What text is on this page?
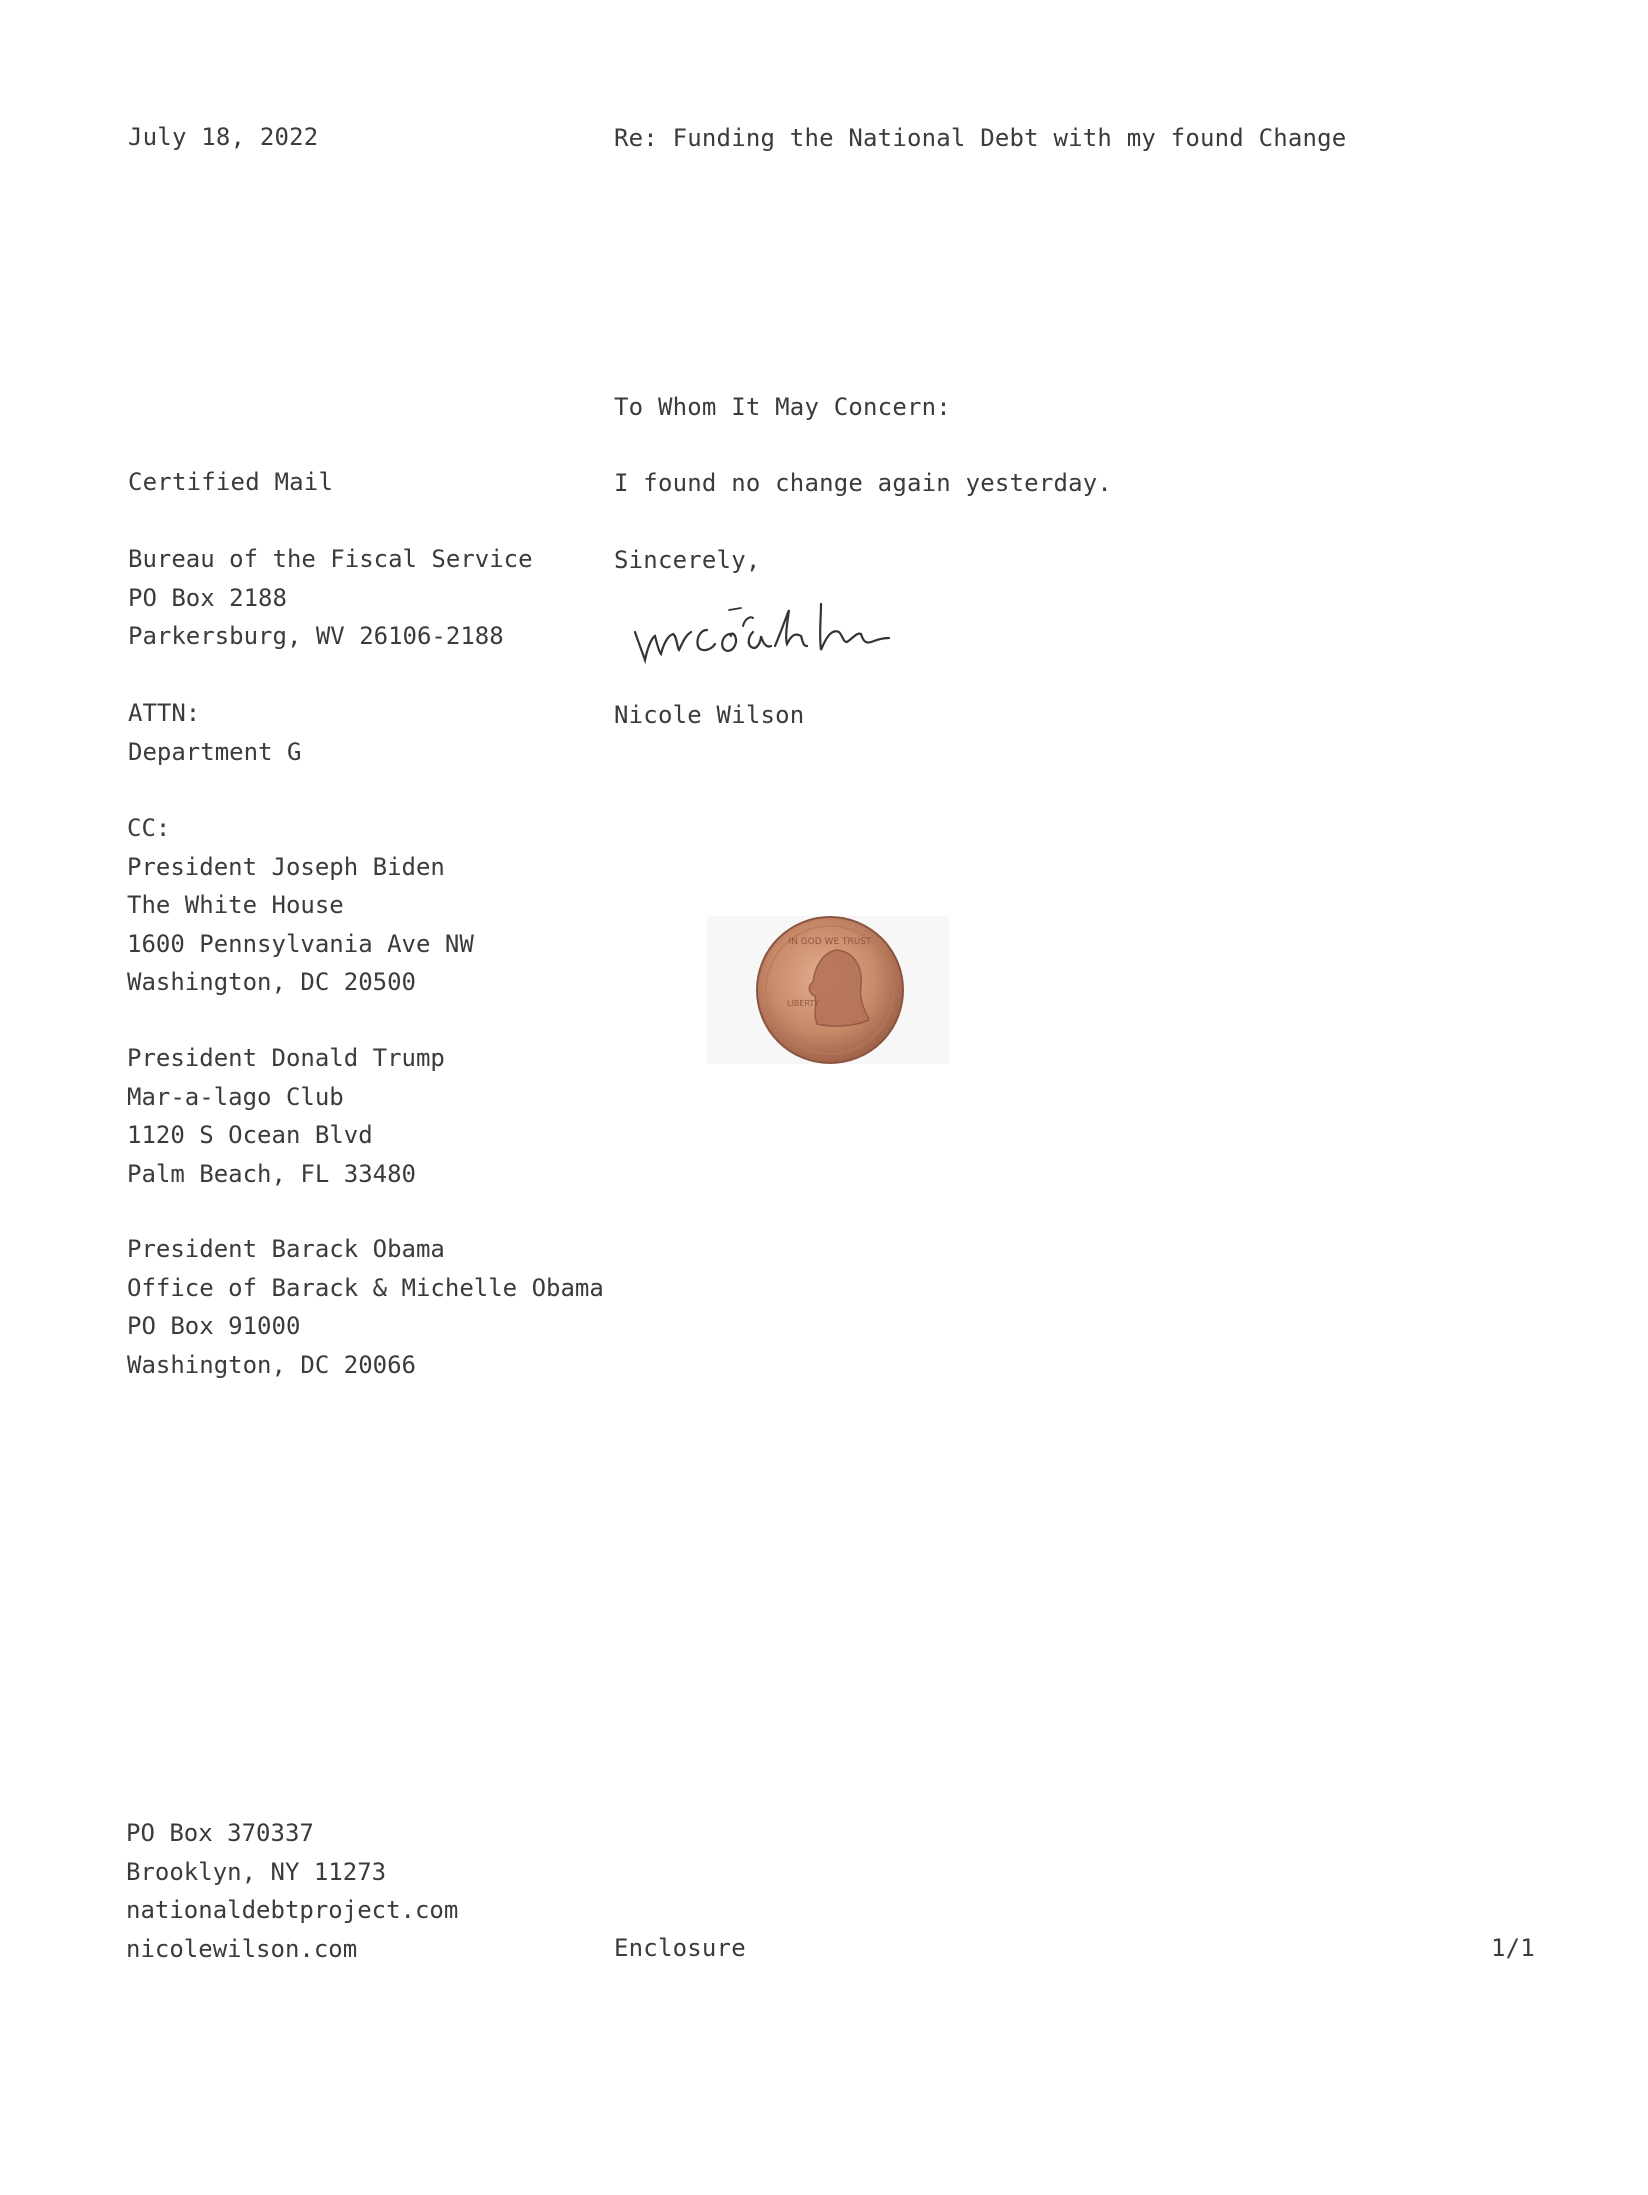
July 18, 2022	Re: Funding the National Debt with my found Change
To Whom It May Concern:
I found no change again yesterday.
Sincerely,
Nicole Wilson
Certified Mail
Bureau of the Fiscal Service
PO Box 2188
Parkersburg, WV 26106-2188
ATTN:
Department G
CC:
President Joseph Biden
The White House
1600 Pennsylvania Ave NW
Washington, DC 20500
President Donald Trump
Mar-a-lago Club
1120 S Ocean Blvd
Palm Beach, FL 33480
President Barack Obama
Office of Barack & Michelle Obama
PO Box 91000
Washington, DC 20066
IN GOD WE TRUST
LIBERTY
PO Box 370337
Brooklyn, NY 11273
nationaldebtproject.com
nicolewilson.com	Enclosure	1/1
